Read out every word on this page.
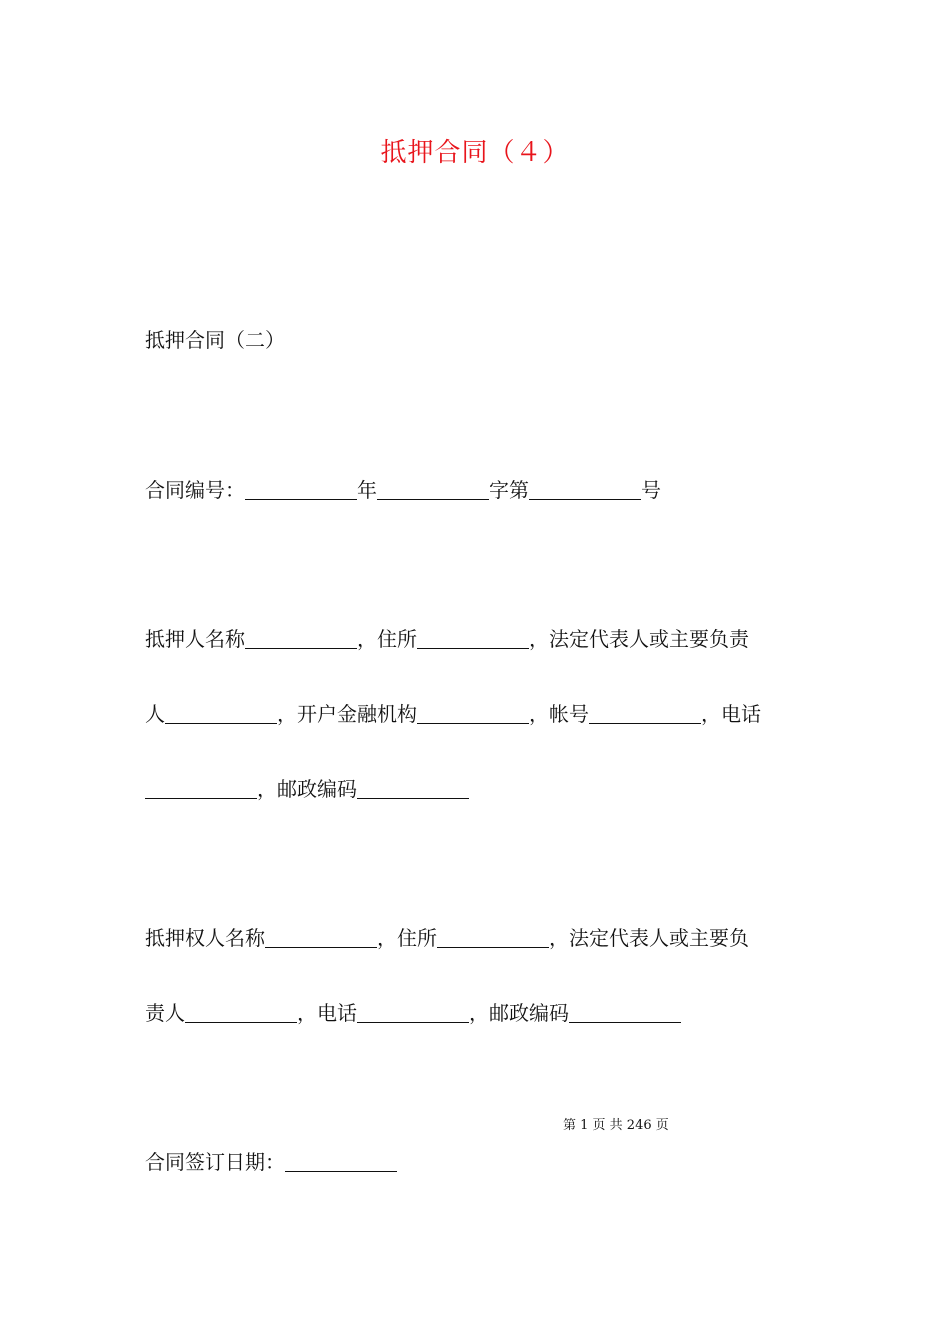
抵押合同（４）
抵押合同（二）
合同编号：	年	字第	号
抵押人名称	，住所	，法定代表人或主要负责
人	，开户金融机构	，帐号	，电话
，邮政编码
抵押权人名称	，住所	，法定代表人或主要负
责人	，电话	，邮政编码
第 1 页 共 246 页
合同签订日期：
